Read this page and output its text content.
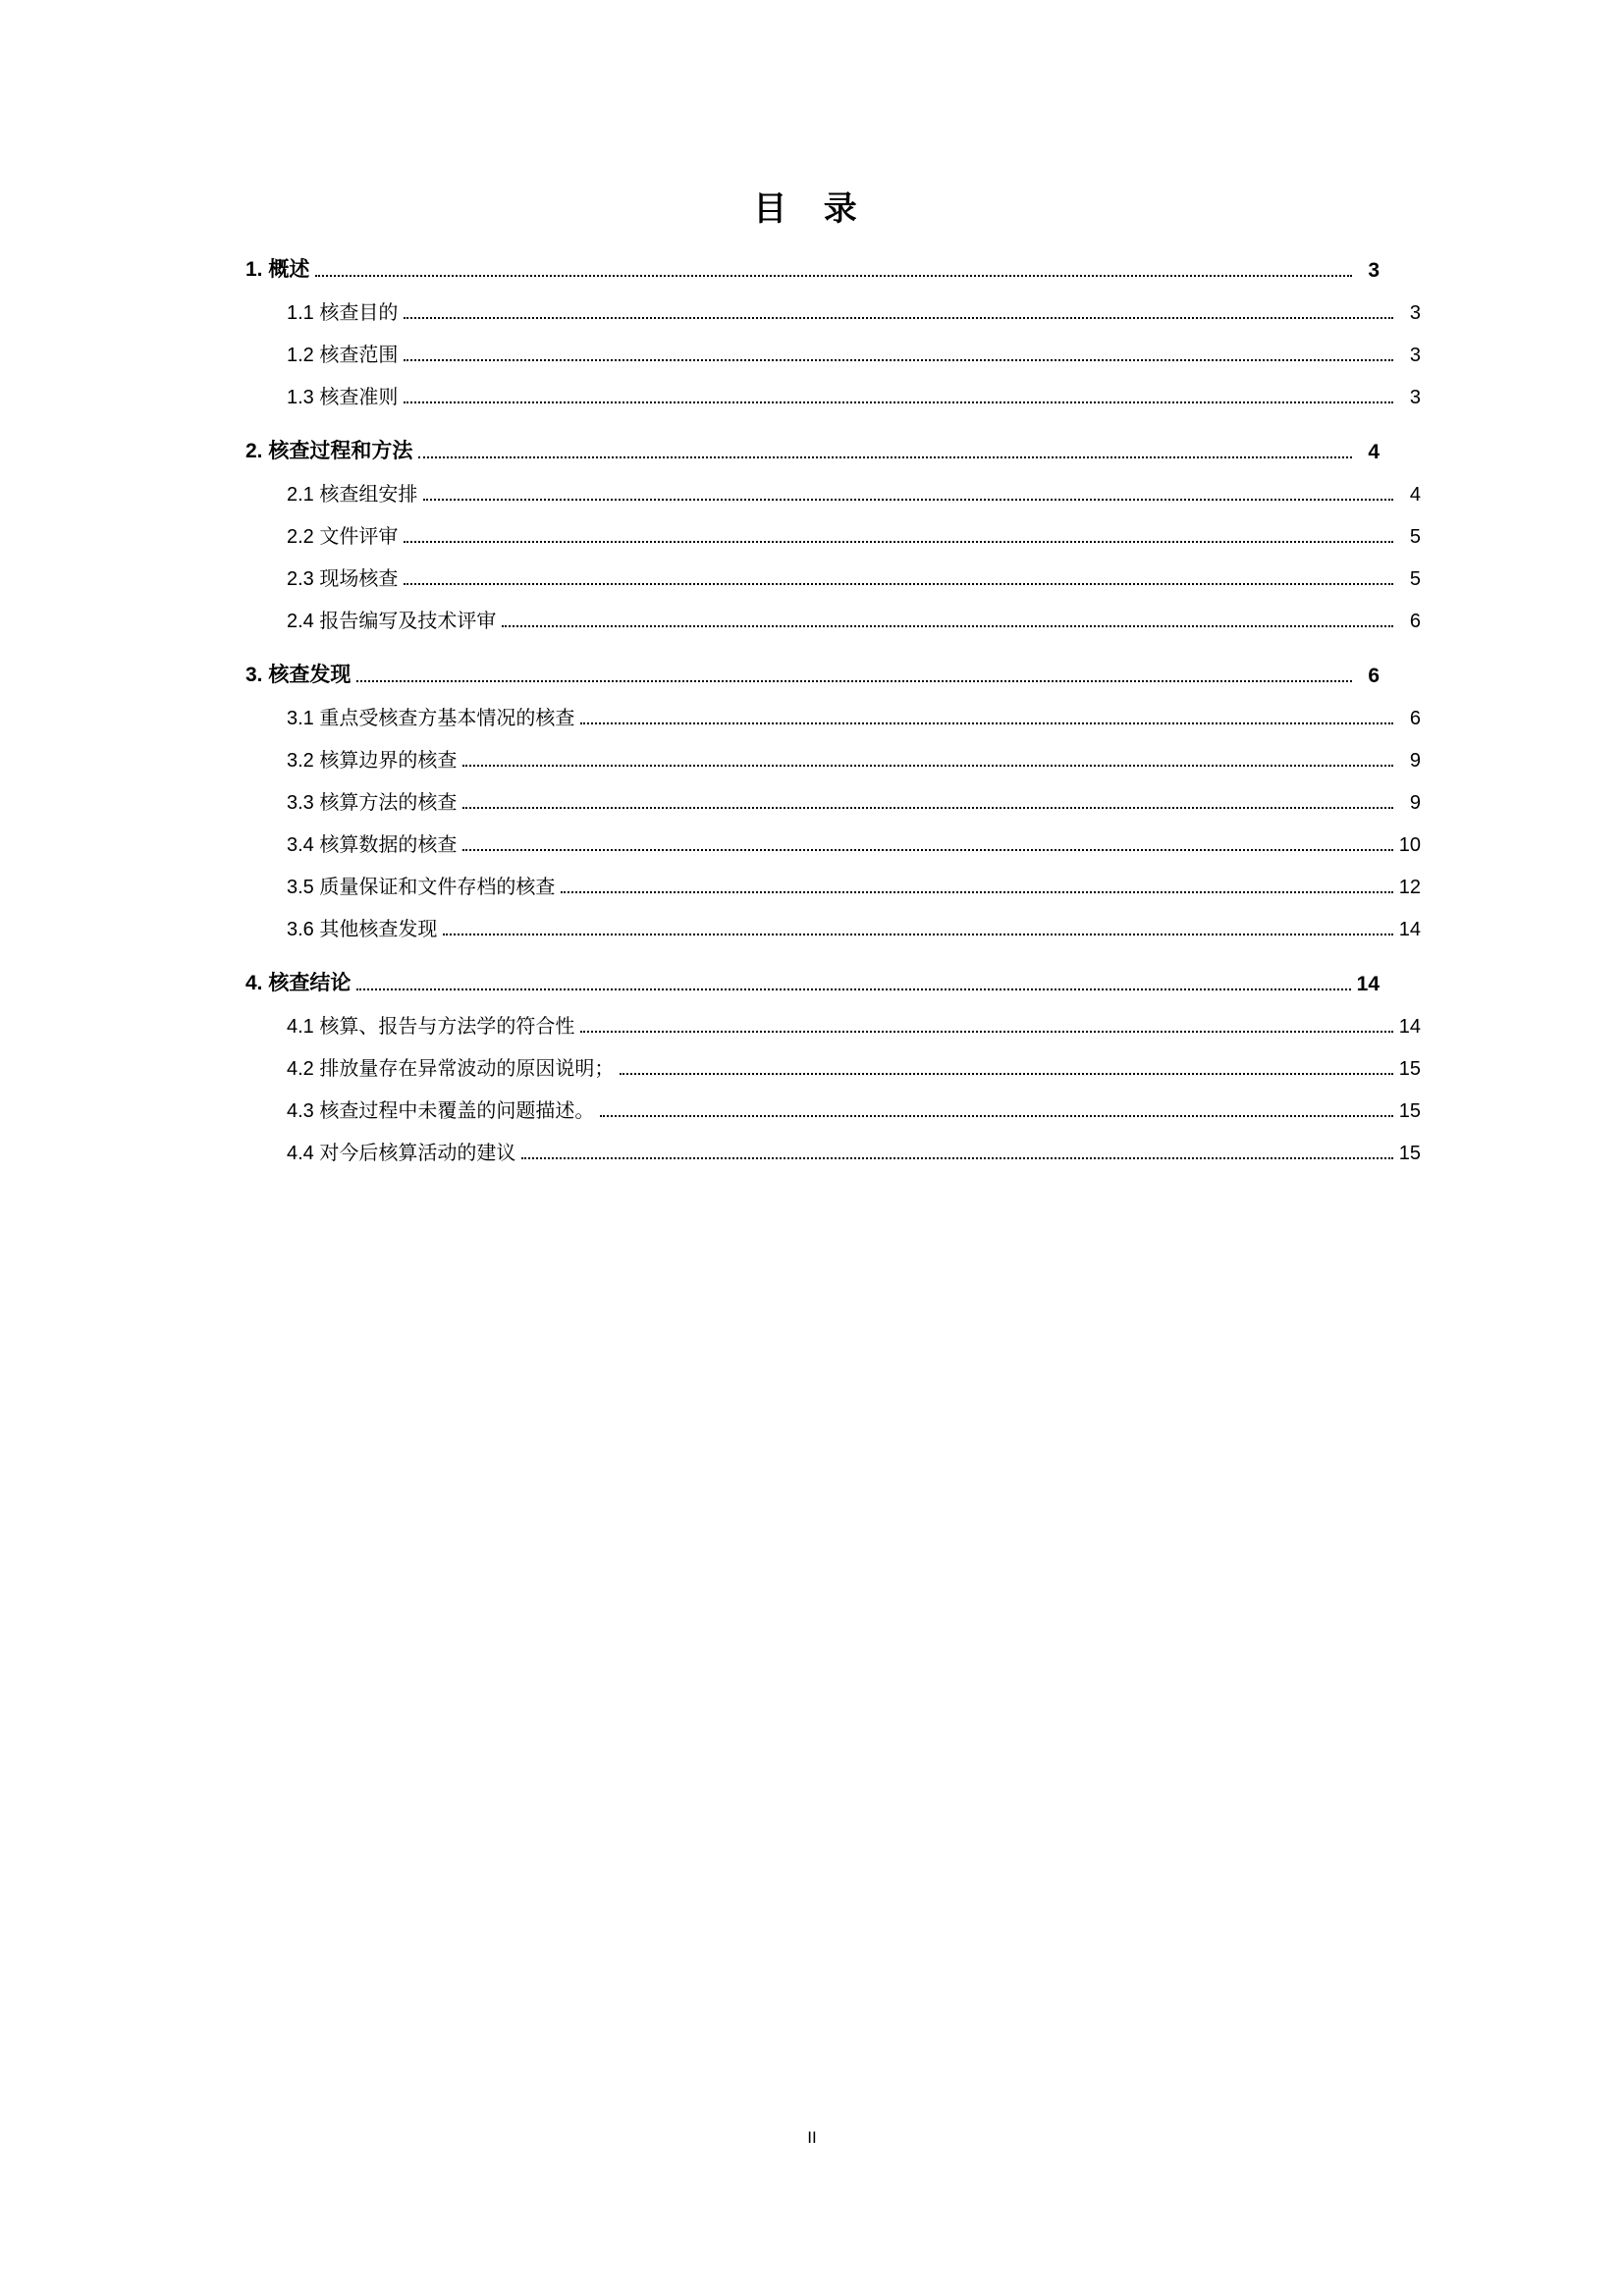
目 录
1. 概述	3
1.1 核查目的	3
1.2 核查范围	3
1.3 核查准则	3
2. 核查过程和方法	4
2.1 核查组安排	4
2.2 文件评审	5
2.3 现场核查	5
2.4 报告编写及技术评审	6
3. 核查发现	6
3.1 重点受核查方基本情况的核查	6
3.2 核算边界的核查	9
3.3 核算方法的核查	9
3.4 核算数据的核查	10
3.5 质量保证和文件存档的核查	12
3.6 其他核查发现	14
4. 核查结论	14
4.1 核算、报告与方法学的符合性	14
4.2 排放量存在异常波动的原因说明；	15
4.3 核查过程中未覆盖的问题描述。	15
4.4 对今后核算活动的建议	15
II
